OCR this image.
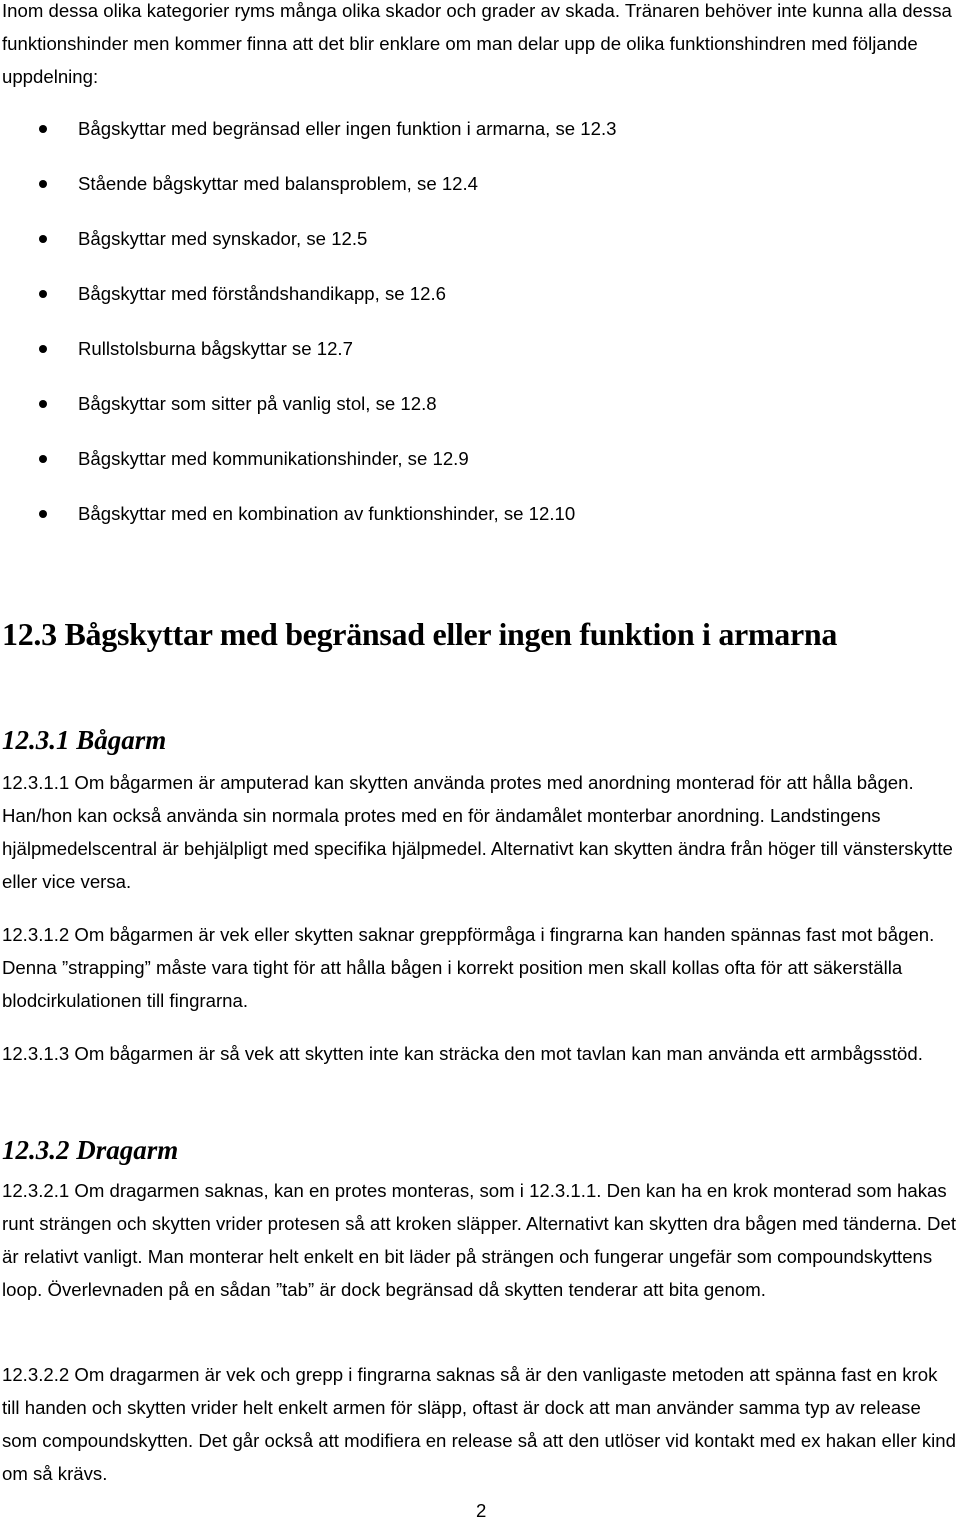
Inom dessa olika kategorier ryms många olika skador och grader av skada. Tränaren behöver inte kunna alla dessa funktionshinder men kommer finna att det blir enklare om man delar upp de olika funktionshindren med följande uppdelning:

Bågskyttar med begränsad eller ingen funktion i armarna, se 12.3
Stående bågskyttar med balansproblem, se 12.4
Bågskyttar med synskador, se 12.5
Bågskyttar med förståndshandikapp, se 12.6
Rullstolsburna bågskyttar se 12.7
Bågskyttar som sitter på vanlig stol, se 12.8
Bågskyttar med kommunikationshinder, se 12.9
Bågskyttar med en kombination av funktionshinder, se 12.10
12.3 Bågskyttar med begränsad eller ingen funktion i armarna
12.3.1 Bågarm

12.3.1.1 Om bågarmen är amputerad kan skytten använda protes med anordning monterad för att hålla bågen. Han/hon kan också använda sin normala protes med en för ändamålet monterbar anordning. Landstingens hjälpmedelscentral är behjälpligt med specifika hjälpmedel. Alternativt kan skytten ändra från höger till vänsterskytte eller vice versa.

12.3.1.2 Om bågarmen är vek eller skytten saknar greppförmåga i fingrarna kan handen spännas fast mot bågen. Denna ”strapping” måste vara tight för att hålla bågen i korrekt position men skall kollas ofta för att säkerställa blodcirkulationen till fingrarna.

12.3.1.3 Om bågarmen är så vek att skytten inte kan sträcka den mot tavlan kan man använda ett armbågsstöd.

12.3.2 Dragarm

12.3.2.1 Om dragarmen saknas, kan en protes monteras, som i 12.3.1.1. Den kan ha en krok monterad som hakas runt strängen och skytten vrider protesen så att kroken släpper. Alternativt kan skytten dra bågen med tänderna. Det är relativt vanligt. Man monterar helt enkelt en bit läder på strängen och fungerar ungefär som compoundskyttens loop. Överlevnaden på en sådan ”tab” är dock begränsad då skytten tenderar att bita genom.

12.3.2.2 Om dragarmen är vek och grepp i fingrarna saknas så är den vanligaste metoden att spänna fast en krok till handen och skytten vrider helt enkelt armen för släpp, oftast är dock att man använder samma typ av release som compoundskytten. Det går också att modifiera en release så att den utlöser vid kontakt med ex hakan eller kind om så krävs.

2
